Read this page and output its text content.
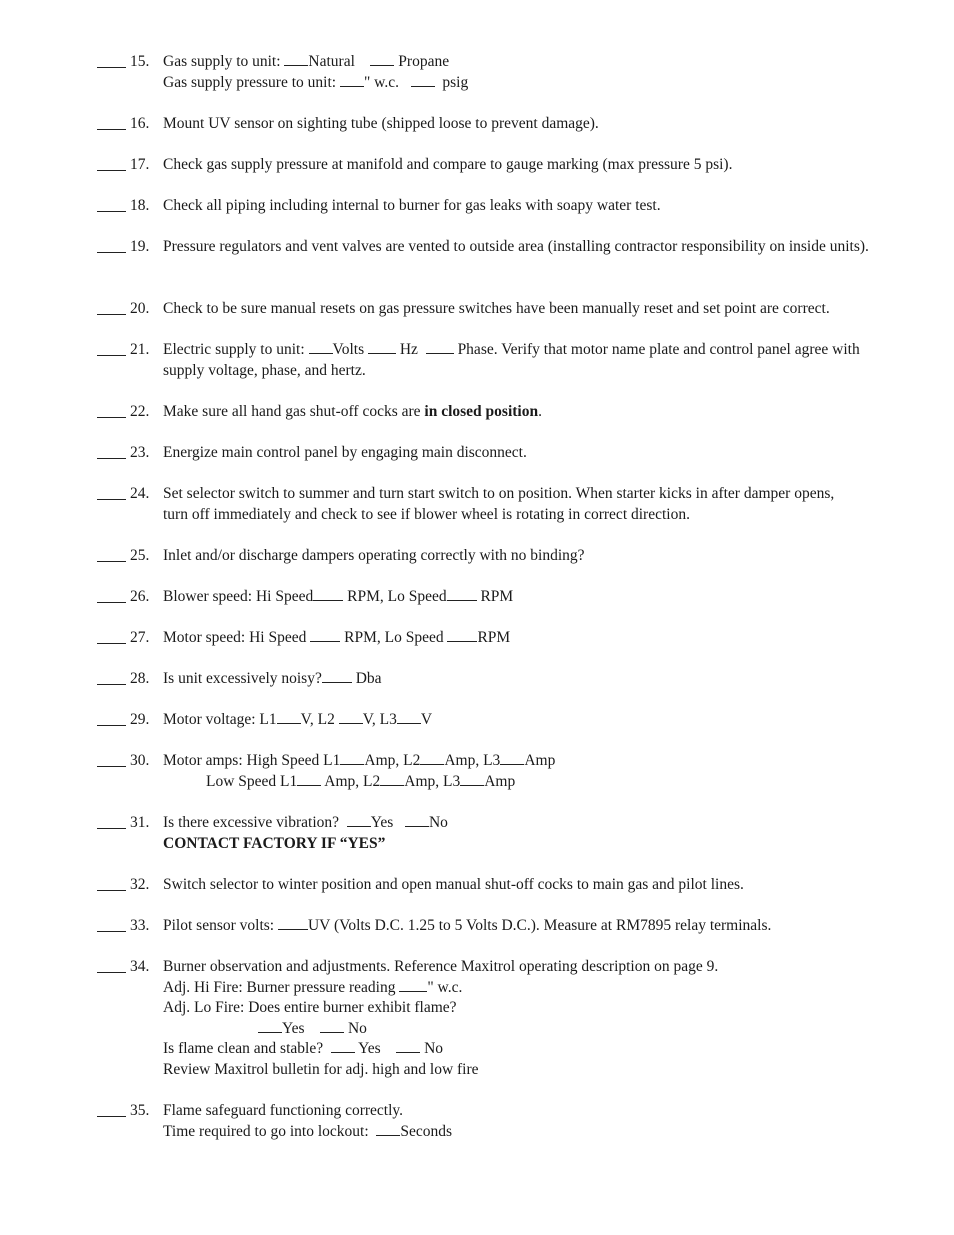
15. Gas supply to unit: Natural	Propane
Gas supply pressure to unit: " w.c.	psig
16. Mount UV sensor on sighting tube (shipped loose to prevent damage).
17. Check gas supply pressure at manifold and compare to gauge marking (max pressure 5 psi).
18. Check all piping including internal to burner for gas leaks with soapy water test.
19. Pressure regulators and vent valves are vented to outside area (installing contractor responsibility on inside units).
20. Check to be sure manual resets on gas pressure switches have been manually reset and set point are correct.
21. Electric supply to unit: Volts Hz	Phase. Verify that motor name plate and control panel agree with supply voltage, phase, and hertz.
22. Make sure all hand gas shut-off cocks are in closed position.
23. Energize main control panel by engaging main disconnect.
24. Set selector switch to summer and turn start switch to on position. When starter kicks in after damper opens, turn off immediately and check to see if blower wheel is rotating in correct direction.
25. Inlet and/or discharge dampers operating correctly with no binding?
26. Blower speed: Hi Speed RPM, Lo Speed RPM
27. Motor speed: Hi Speed RPM, Lo Speed RPM
28. Is unit excessively noisy? Dba
29. Motor voltage: L1 V, L2 V, L3 V
30. Motor amps: High Speed L1 Amp, L2 Amp, L3 Amp
Low Speed L1 Amp, L2 Amp, L3 Amp
31. Is there excessive vibration? Yes No
CONTACT FACTORY IF “YES”
32. Switch selector to winter position and open manual shut-off cocks to main gas and pilot lines.
33. Pilot sensor volts: UV (Volts D.C. 1.25 to 5 Volts D.C.). Measure at RM7895 relay terminals.
34. Burner observation and adjustments. Reference Maxitrol operating description on page 9.
Adj. Hi Fire: Burner pressure reading " w.c.
Adj. Lo Fire: Does entire burner exhibit flame?
Yes	No
Is flame clean and stable? Yes	No
Review Maxitrol bulletin for adj. high and low fire
35. Flame safeguard functioning correctly.
Time required to go into lockout: Seconds
